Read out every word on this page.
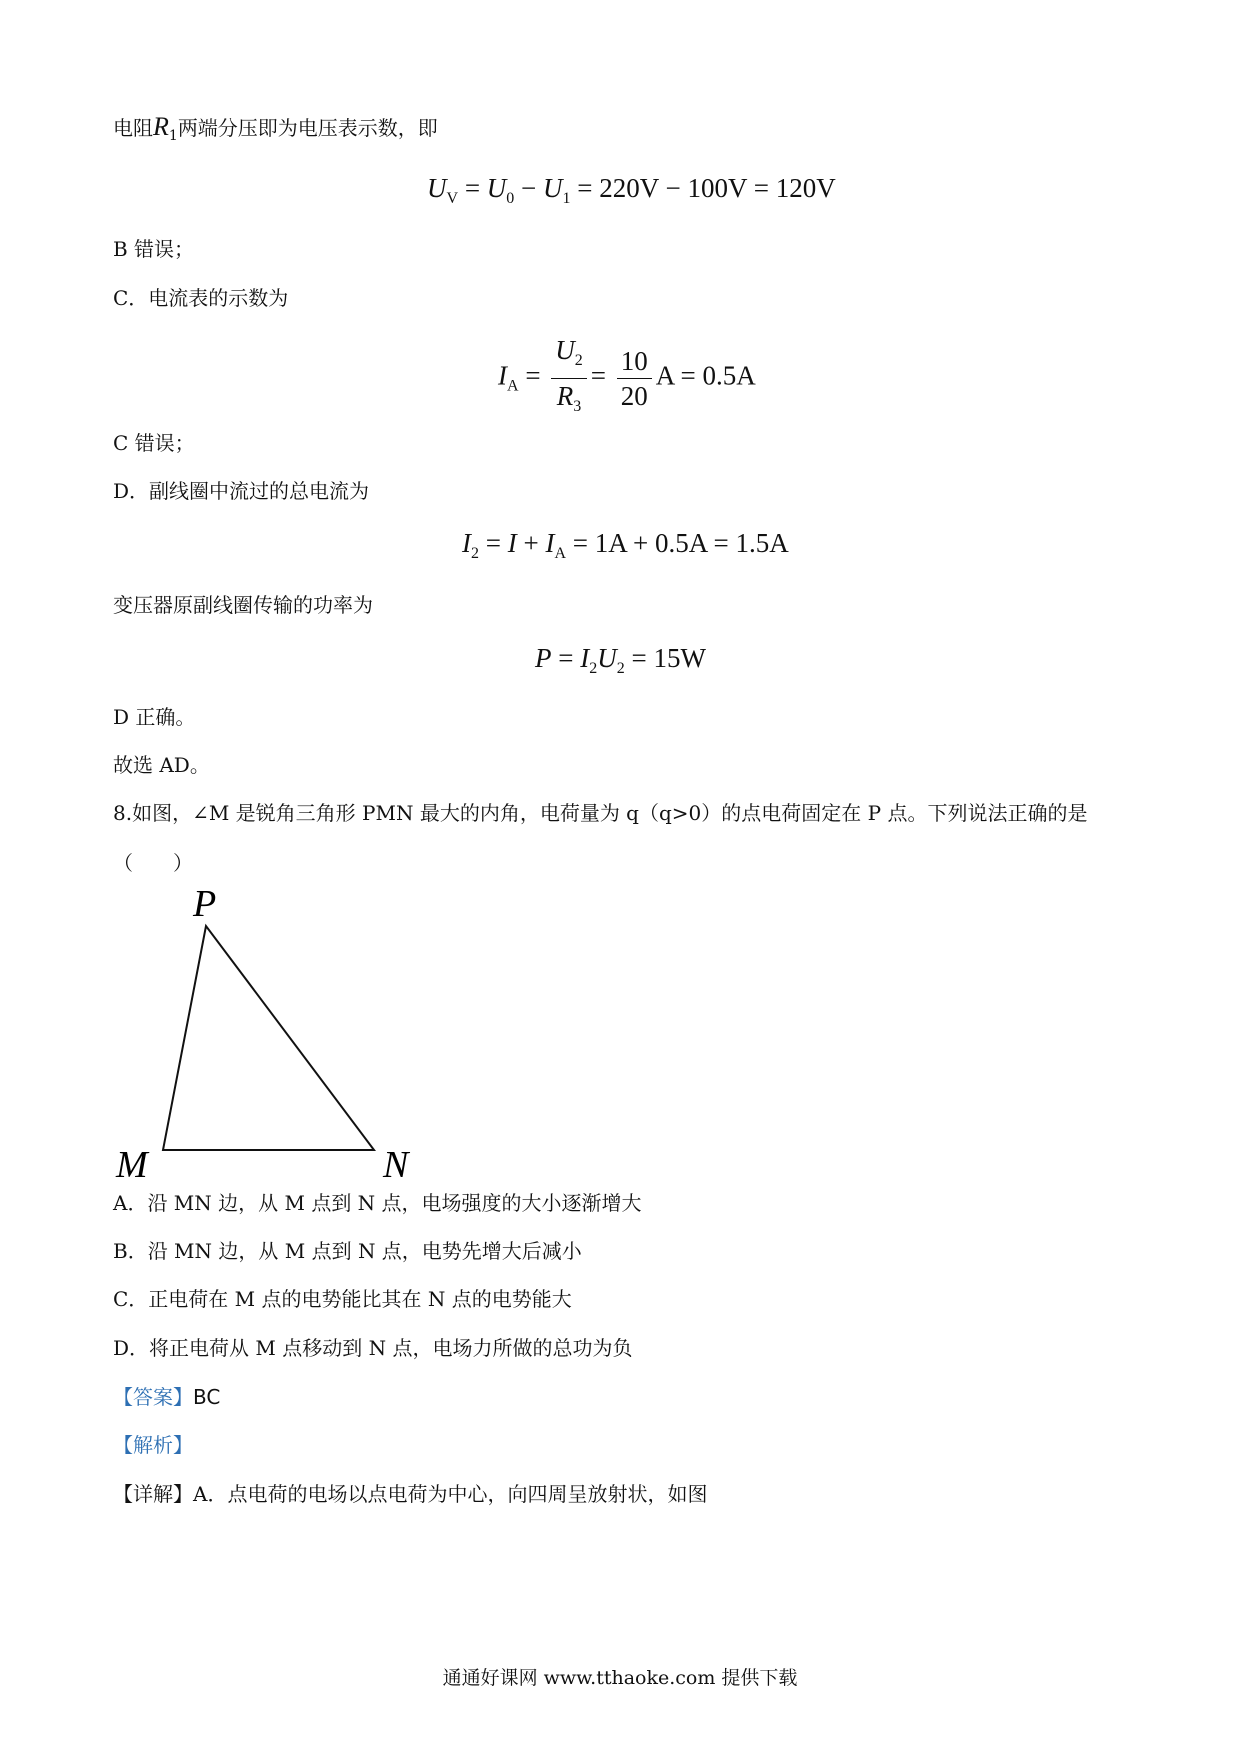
电阻$R_1$两端分压即为电压表示数，即
$U_V = U_0 - U_1 = 220V - 100V = 120V$
B 错误；
C．电流表的示数为
$I_A = \frac{U_2}{R_3} = \frac{10}{20}$ A = 0.5A
C 错误；
D．副线圈中流过的总电流为
$I_2 = I + I_A = 1A + 0.5A = 1.5A$
变压器原副线圈传输的功率为
$P = I_2U_2 = 15W$
D 正确。
故选 AD。
8.如图，∠M 是锐角三角形 PMN 最大的内角，电荷量为 q（q>0）的点电荷固定在 P 点。下列说法正确的是
（　　）
P
M	N
A．沿 MN 边，从 M 点到 N 点，电场强度的大小逐渐增大
B．沿 MN 边，从 M 点到 N 点，电势先增大后减小
C．正电荷在 M 点的电势能比其在 N 点的电势能大
D．将正电荷从 M 点移动到 N 点，电场力所做的总功为负
【答案】BC
【解析】
【详解】A．点电荷的电场以点电荷为中心，向四周呈放射状，如图
通通好课网 www.tthaoke.com 提供下载
